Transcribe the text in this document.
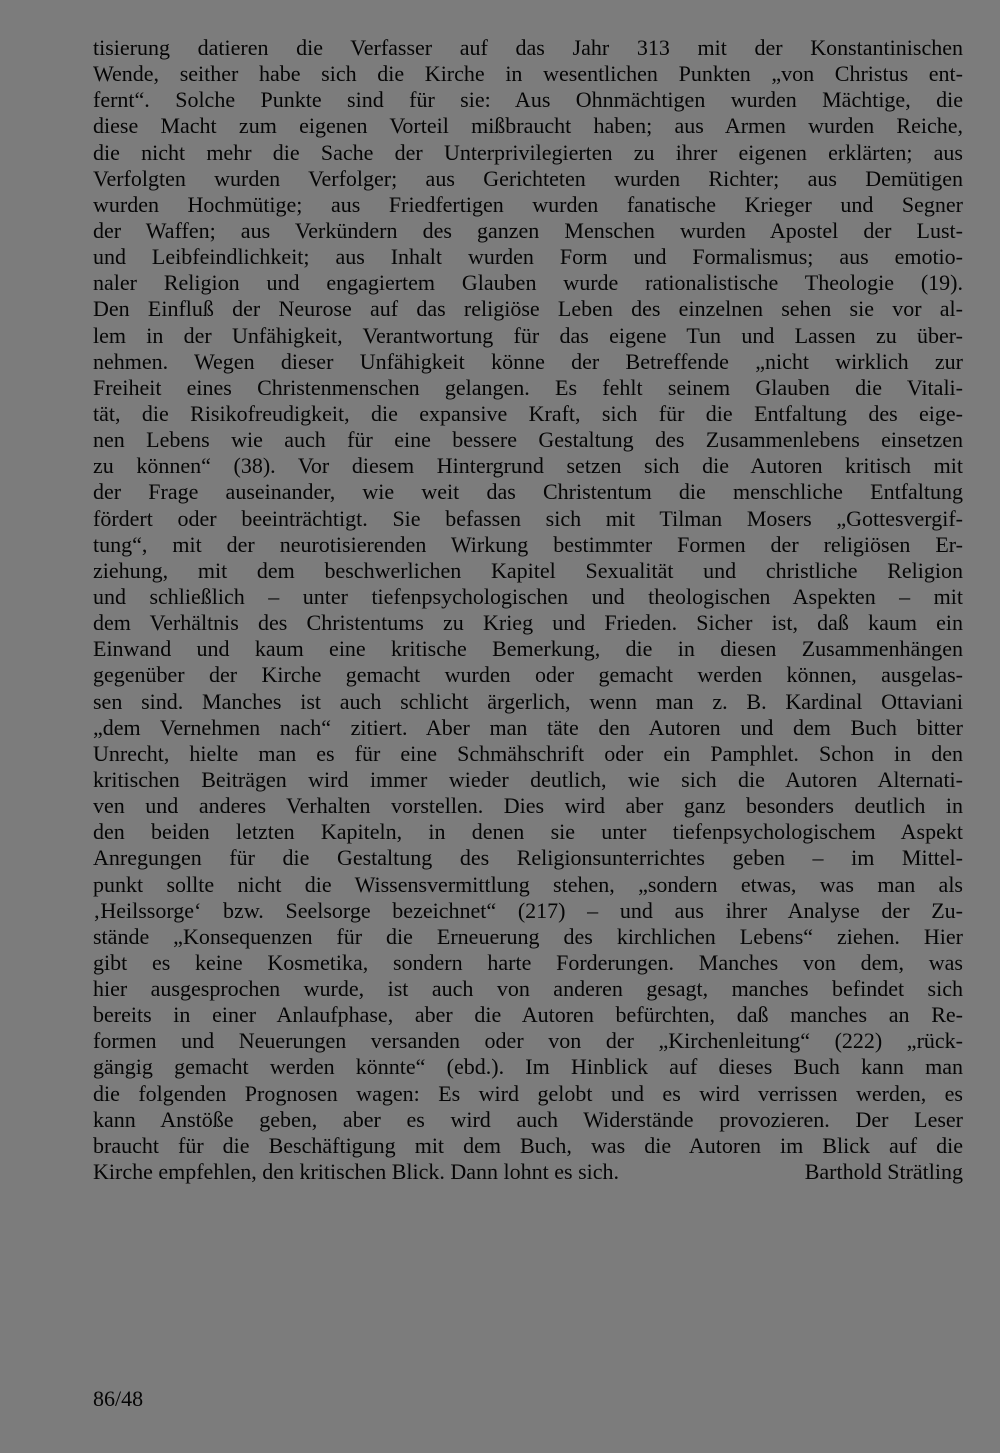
tisierung datieren die Verfasser auf das Jahr 313 mit der Konstantinischen
Wende, seither habe sich die Kirche in wesentlichen Punkten „von Christus ent-
fernt“. Solche Punkte sind für sie: Aus Ohnmächtigen wurden Mächtige, die
diese Macht zum eigenen Vorteil mißbraucht haben; aus Armen wurden Reiche,
die nicht mehr die Sache der Unterprivilegierten zu ihrer eigenen erklärten; aus
Verfolgten wurden Verfolger; aus Gerichteten wurden Richter; aus Demütigen
wurden Hochmütige; aus Friedfertigen wurden fanatische Krieger und Segner
der Waffen; aus Verkündern des ganzen Menschen wurden Apostel der Lust-
und Leibfeindlichkeit; aus Inhalt wurden Form und Formalismus; aus emotio-
naler Religion und engagiertem Glauben wurde rationalistische Theologie (19).
Den Einfluß der Neurose auf das religiöse Leben des einzelnen sehen sie vor al-
lem in der Unfähigkeit, Verantwortung für das eigene Tun und Lassen zu über-
nehmen. Wegen dieser Unfähigkeit könne der Betreffende „nicht wirklich zur
Freiheit eines Christenmenschen gelangen. Es fehlt seinem Glauben die Vitali-
tät, die Risikofreudigkeit, die expansive Kraft, sich für die Entfaltung des eige-
nen Lebens wie auch für eine bessere Gestaltung des Zusammenlebens einsetzen
zu können“ (38). Vor diesem Hintergrund setzen sich die Autoren kritisch mit
der Frage auseinander, wie weit das Christentum die menschliche Entfaltung
fördert oder beeinträchtigt. Sie befassen sich mit Tilman Mosers „Gottesvergif-
tung“, mit der neurotisierenden Wirkung bestimmter Formen der religiösen Er-
ziehung, mit dem beschwerlichen Kapitel Sexualität und christliche Religion
und schließlich – unter tiefenpsychologischen und theologischen Aspekten – mit
dem Verhältnis des Christentums zu Krieg und Frieden. Sicher ist, daß kaum ein
Einwand und kaum eine kritische Bemerkung, die in diesen Zusammenhängen
gegenüber der Kirche gemacht wurden oder gemacht werden können, ausgelas-
sen sind. Manches ist auch schlicht ärgerlich, wenn man z. B. Kardinal Ottaviani
„dem Vernehmen nach“ zitiert. Aber man täte den Autoren und dem Buch bitter
Unrecht, hielte man es für eine Schmähschrift oder ein Pamphlet. Schon in den
kritischen Beiträgen wird immer wieder deutlich, wie sich die Autoren Alternati-
ven und anderes Verhalten vorstellen. Dies wird aber ganz besonders deutlich in
den beiden letzten Kapiteln, in denen sie unter tiefenpsychologischem Aspekt
Anregungen für die Gestaltung des Religionsunterrichtes geben – im Mittel-
punkt sollte nicht die Wissensvermittlung stehen, „sondern etwas, was man als
‚Heilssorge‘ bzw. Seelsorge bezeichnet“ (217) – und aus ihrer Analyse der Zu-
stände „Konsequenzen für die Erneuerung des kirchlichen Lebens“ ziehen. Hier
gibt es keine Kosmetika, sondern harte Forderungen. Manches von dem, was
hier ausgesprochen wurde, ist auch von anderen gesagt, manches befindet sich
bereits in einer Anlaufphase, aber die Autoren befürchten, daß manches an Re-
formen und Neuerungen versanden oder von der „Kirchenleitung“ (222) „rück-
gängig gemacht werden könnte“ (ebd.). Im Hinblick auf dieses Buch kann man
die folgenden Prognosen wagen: Es wird gelobt und es wird verrissen werden, es
kann Anstöße geben, aber es wird auch Widerstände provozieren. Der Leser
braucht für die Beschäftigung mit dem Buch, was die Autoren im Blick auf die
Kirche empfehlen, den kritischen Blick. Dann lohnt es sich.	Barthold Strätling
86/48
